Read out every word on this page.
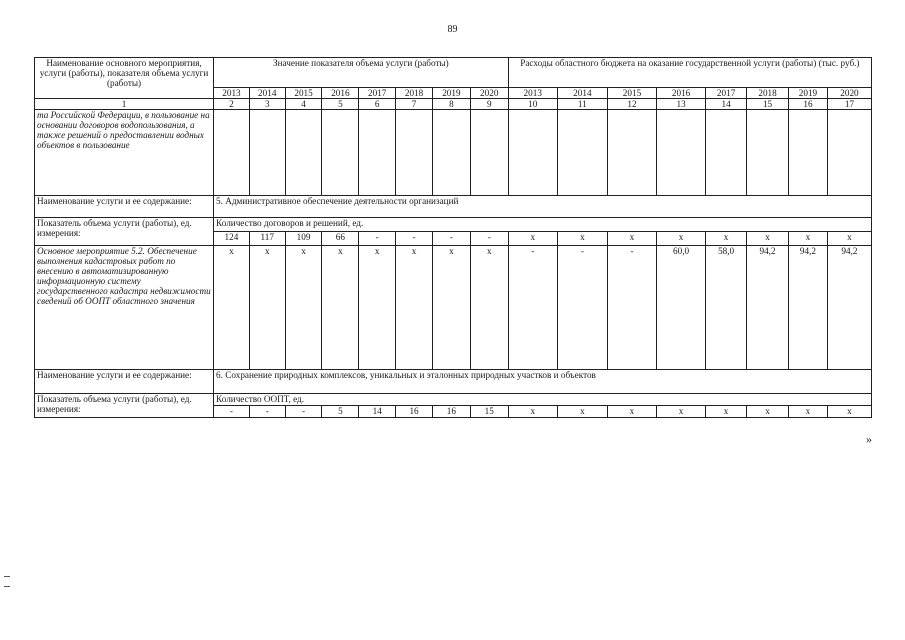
89
Наименование основного мероприятия, услуги (работы), показателя объема услуги (работы)	Значение показателя объема услуги (работы)								Расходы областного бюджета на оказание государственной услуги (работы) (тыс. руб.)							
	2013	2014	2015	2016	2017	2018	2019	2020	2013	2014	2015	2016	2017	2018	2019	2020
1	2	3	4	5	6	7	8	9	10	11	12	13	14	15	16	17
та Российской Федерации, в пользование на основании договоров водопользования, а также решений о предоставлении водных объектов в пользование																
Наименование услуги и ее содержание:	5. Административное обеспечение деятельности организаций															
Показатель объема услуги (работы), ед. измерения:	Количество договоров и решений, ед.															
	124	117	109	66	-	-	-	-	х	х	х	х	х	х	х	х
Основное мероприятие 5.2. Обеспечение выполнения кадастровых работ по внесению в автоматизированную информационную систему государственного кадастра недвижимости сведений об ООПТ областного значения	х	х	х	х	х	х	х	х	-	-	-	60,0	58,0	94,2	94,2	94,2
Наименование услуги и ее содержание:	6. Сохранение природных комплексов, уникальных и эталонных природных участков и объектов															
Показатель объема услуги (работы), ед. измерения:	Количество ООПТ, ед.															
	-	-	-	5	14	16	16	15	х	х	х	х	х	х	х	х
»
